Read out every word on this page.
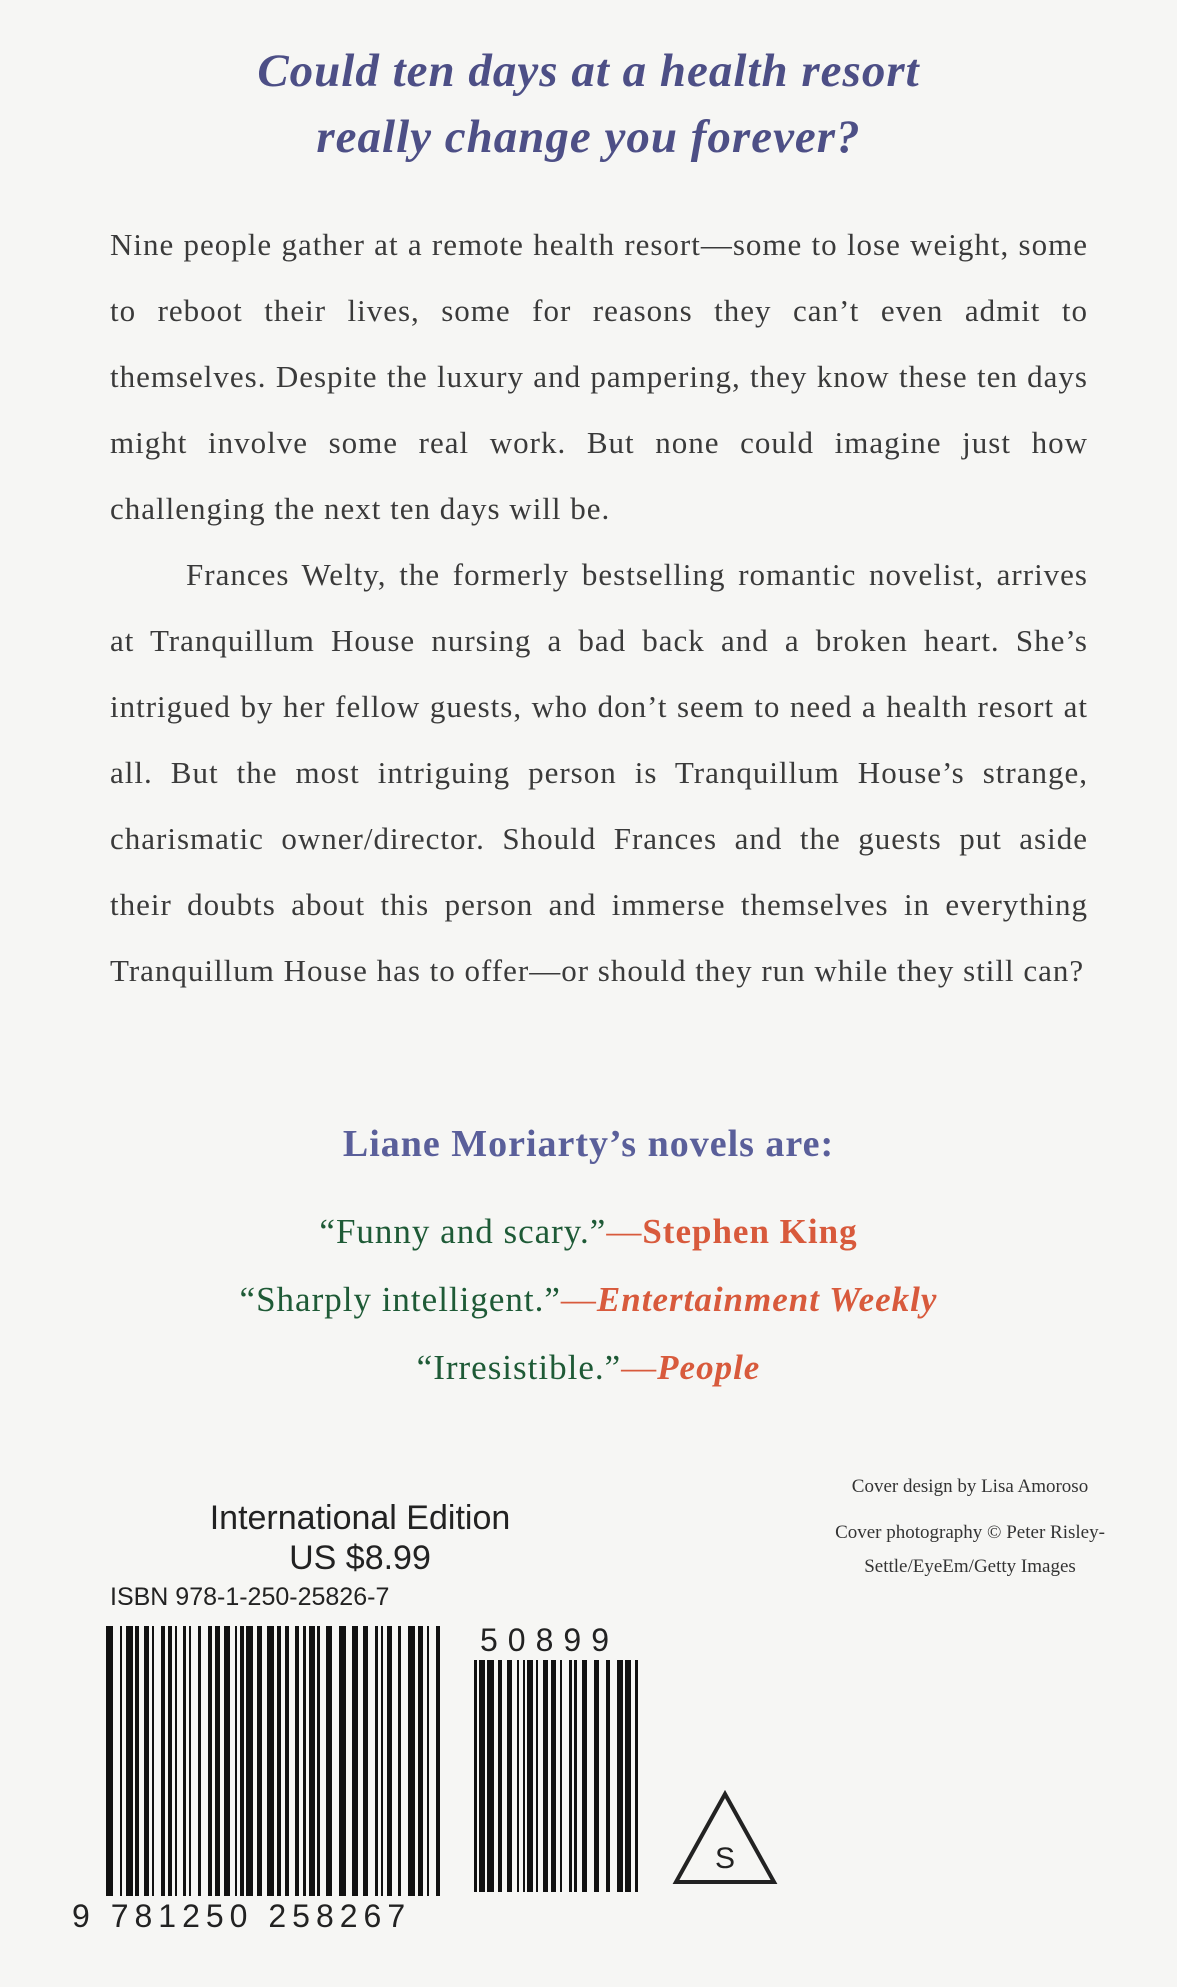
Could ten days at a health resort
really change you forever?

Nine people gather at a remote health resort—some to lose weight, some to reboot their lives, some for reasons they can’t even admit to themselves. Despite the luxury and pampering, they know these ten days might involve some real work. But none could imagine just how challenging the next ten days will be.

Frances Welty, the formerly bestselling romantic novelist, arrives at Tranquillum House nursing a bad back and a broken heart. She’s intrigued by her fellow guests, who don’t seem to need a health resort at all. But the most intriguing person is Tranquillum House’s strange, charismatic owner/director. Should Frances and the guests put aside their doubts about this person and immerse themselves in everything Tranquillum House has to offer—or should they run while they still can?

Liane Moriarty’s novels are:
“Funny and scary.”—Stephen King
“Sharply intelligent.”—Entertainment Weekly
“Irresistible.”—People
International Edition
US $8.99
ISBN 978-1-250-25826-7
9 781250 258267
50899
S

Cover design by Lisa Amoroso

Cover photography © Peter Risley-Settle/EyeEm/Getty Images
